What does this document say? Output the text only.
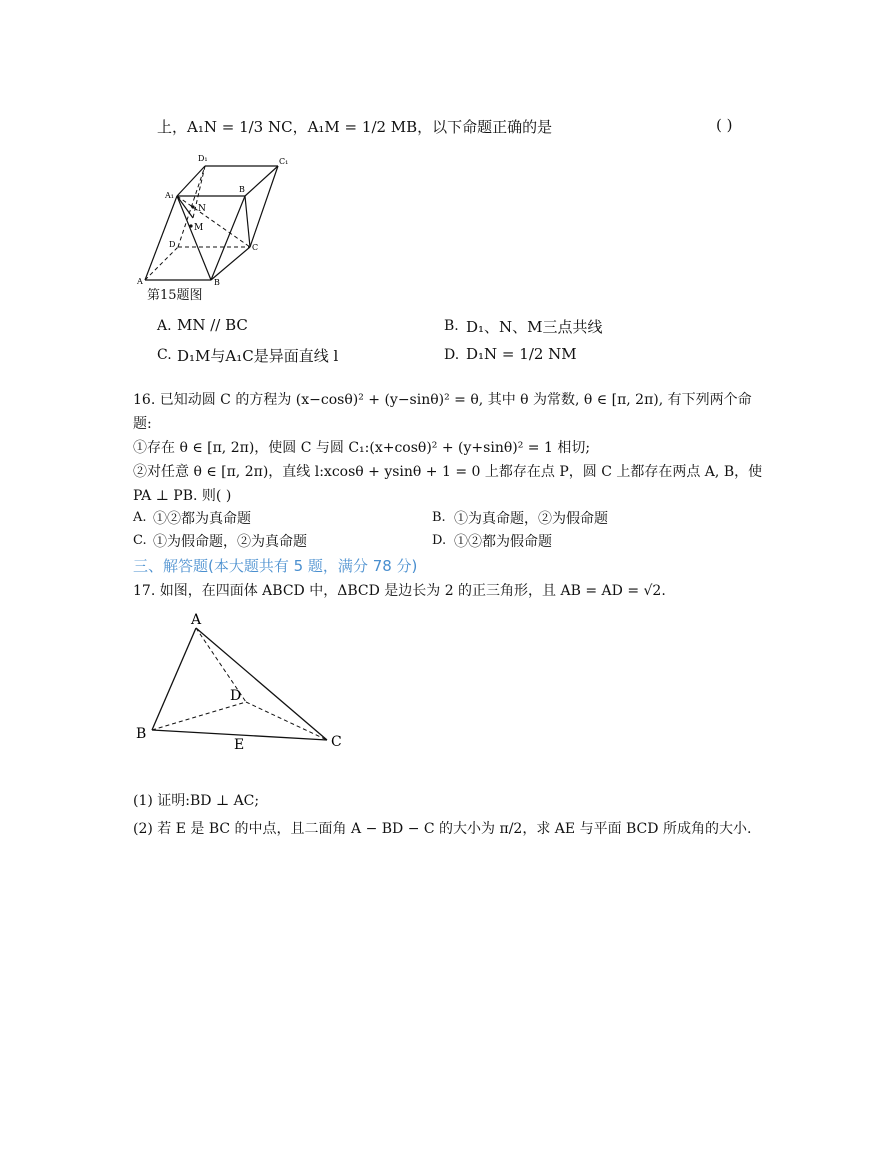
上，A₁N = 1/3 NC，A₁M = 1/2 MB，以下命题正确的是	( )
D₁	C₁
A₁
B
N
M
D	C
A	B
第15题图
A. MN // BC	B. D₁、N、M三点共线
C. D₁M与A₁C是异面直线 l	D. D₁N = 1/2 NM
16. 已知动圆 C 的方程为 (x−cosθ)² + (y−sinθ)² = θ, 其中 θ 为常数, θ ∈ [π, 2π), 有下列两个命
题:
①存在 θ ∈ [π, 2π)，使圆 C 与圆 C₁:(x+cosθ)² + (y+sinθ)² = 1 相切;
②对任意 θ ∈ [π, 2π)，直线 l:xcosθ + ysinθ + 1 = 0 上都存在点 P，圆 C 上都存在两点 A, B，使
PA ⊥ PB. 则( )
A. ①②都为真命题	B. ①为真命题，②为假命题
C. ①为假命题，②为真命题	D. ①②都为假命题
三、解答题(本大题共有 5 题，满分 78 分)
17. 如图，在四面体 ABCD 中，ΔBCD 是边长为 2 的正三角形，且 AB = AD = √2.
A
B	C
D
E
(1) 证明:BD ⊥ AC;
(2) 若 E 是 BC 的中点，且二面角 A − BD − C 的大小为 π/2，求 AE 与平面 BCD 所成角的大小.
